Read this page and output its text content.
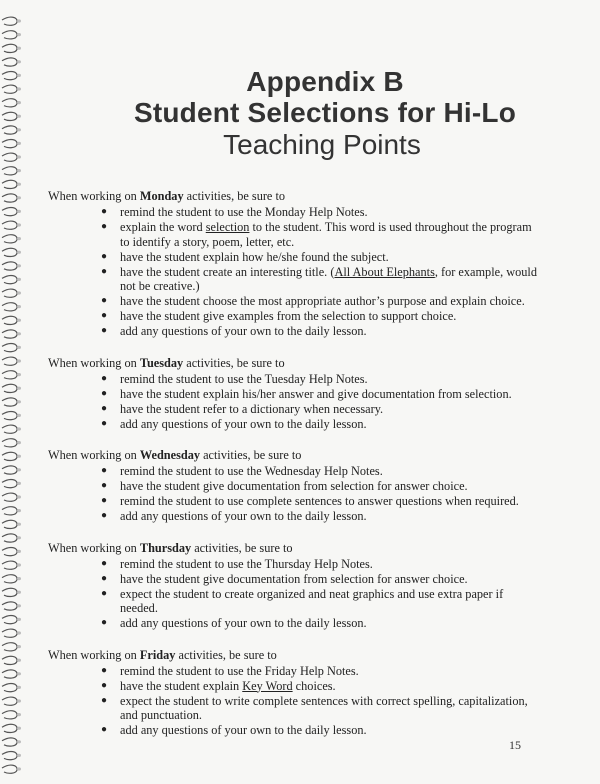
Appendix B
Student Selections for Hi-Lo
Teaching Points
When working on Monday activities, be sure to
● remind the student to use the Monday Help Notes.
● explain the word selection to the student. This word is used throughout the program to identify a story, poem, letter, etc.
● have the student explain how he/she found the subject.
● have the student create an interesting title. (All About Elephants, for example, would not be creative.)
● have the student choose the most appropriate author’s purpose and explain choice.
● have the student give examples from the selection to support choice.
● add any questions of your own to the daily lesson.
When working on Tuesday activities, be sure to
● remind the student to use the Tuesday Help Notes.
● have the student explain his/her answer and give documentation from selection.
● have the student refer to a dictionary when necessary.
● add any questions of your own to the daily lesson.
When working on Wednesday activities, be sure to
● remind the student to use the Wednesday Help Notes.
● have the student give documentation from selection for answer choice.
● remind the student to use complete sentences to answer questions when required.
● add any questions of your own to the daily lesson.
When working on Thursday activities, be sure to
● remind the student to use the Thursday Help Notes.
● have the student give documentation from selection for answer choice.
● expect the student to create organized and neat graphics and use extra paper if needed.
● add any questions of your own to the daily lesson.
When working on Friday activities, be sure to
● remind the student to use the Friday Help Notes.
● have the student explain Key Word choices.
● expect the student to write complete sentences with correct spelling, capitalization, and punctuation.
● add any questions of your own to the daily lesson.
15
